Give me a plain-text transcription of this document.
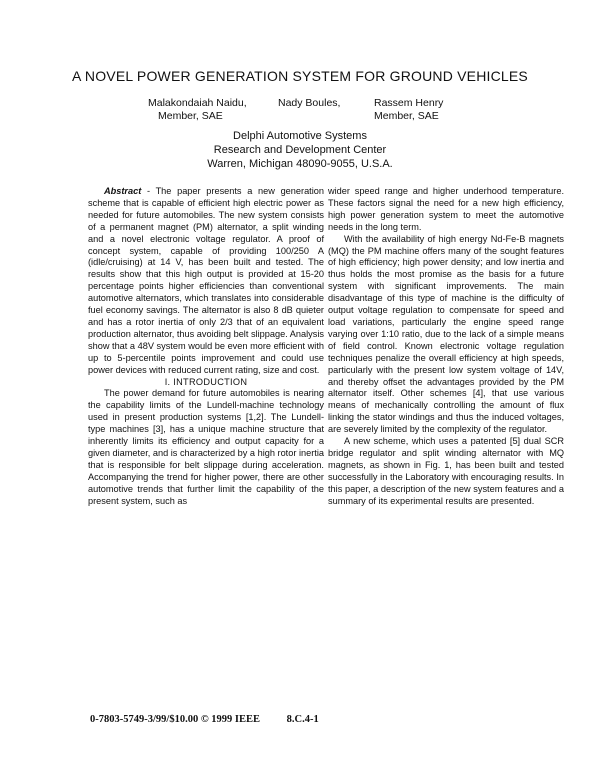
A NOVEL POWER GENERATION SYSTEM FOR GROUND VEHICLES
Malakondaiah Naidu,
Member, SAE
Nady Boules,	Rassem Henry
Member, SAE
Delphi Automotive Systems
Research and Development Center
Warren, Michigan 48090-9055, U.S.A.

Abstract - The paper presents a new generation scheme that is capable of efficient high electric power as needed for future automobiles. The new system consists of a permanent magnet (PM) alternator, a split winding and a novel electronic voltage regulator. A proof of concept system, capable of providing 100/250 A (idle/cruising) at 14 V, has been built and tested. The results show that this high output is provided at 15-20 percentage points higher efficiencies than conventional automotive alternators, which translates into considerable fuel economy savings. The alternator is also 8 dB quieter and has a rotor inertia of only 2/3 that of an equivalent production alternator, thus avoiding belt slippage. Analysis show that a 48V system would be even more efficient with up to 5-percentile points improvement and could use power devices with reduced current rating, size and cost.

I. INTRODUCTION

The power demand for future automobiles is nearing the capability limits of the Lundell-machine technology used in present production systems [1,2]. The Lundell-type machines [3], has a unique machine structure that inherently limits its efficiency and output capacity for a given diameter, and is characterized by a high rotor inertia that is responsible for belt slippage during acceleration. Accompanying the trend for higher power, there are other automotive trends that further limit the capability of the present system, such as

wider speed range and higher underhood temperature. These factors signal the need for a new high efficiency, high power generation system to meet the automotive needs in the long term.

With the availability of high energy Nd-Fe-B magnets (MQ) the PM machine offers many of the sought features of high efficiency; high power density; and low inertia and thus holds the most promise as the basis for a future system with significant improvements. The main disadvantage of this type of machine is the difficulty of output voltage regulation to compensate for speed and load variations, particularly the engine speed range varying over 1:10 ratio, due to the lack of a simple means of field control. Known electronic voltage regulation techniques penalize the overall efficiency at high speeds, particularly with the present low system voltage of 14V, and thereby offset the advantages provided by the PM alternator itself. Other schemes [4], that use various means of mechanically controlling the amount of flux linking the stator windings and thus the induced voltages, are severely limited by the complexity of the regulator.

A new scheme, which uses a patented [5] dual SCR bridge regulator and split winding alternator with MQ magnets, as shown in Fig. 1, has been built and tested successfully in the Laboratory with encouraging results. In this paper, a description of the new system features and a summary of its experimental results are presented.

0-7803-5749-3/99/$10.00 © 1999 IEEE	8.C.4-1
